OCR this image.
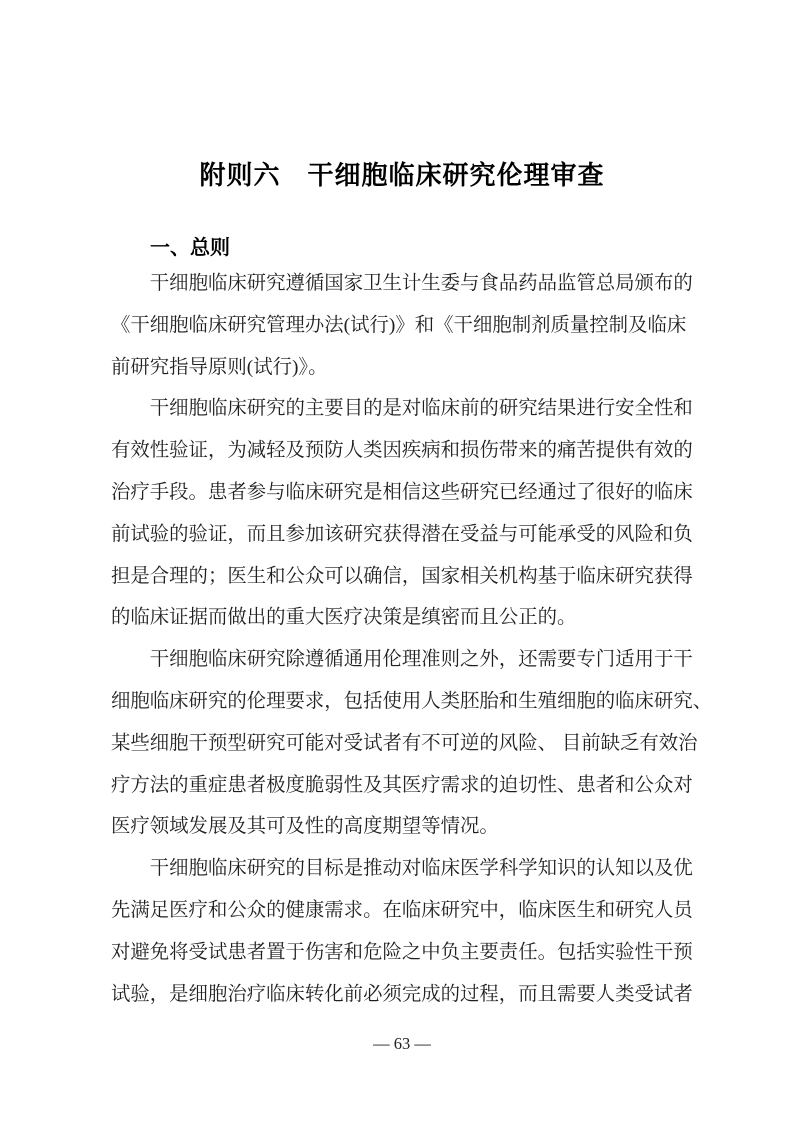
附则六　干细胞临床研究伦理审查
一、总则
干细胞临床研究遵循国家卫生计生委与食品药品监管总局颁布的
《干细胞临床研究管理办法(试行)》和《干细胞制剂质量控制及临床
前研究指导原则(试行)》。
干细胞临床研究的主要目的是对临床前的研究结果进行安全性和
有效性验证，为减轻及预防人类因疾病和损伤带来的痛苦提供有效的
治疗手段。患者参与临床研究是相信这些研究已经通过了很好的临床
前试验的验证，而且参加该研究获得潜在受益与可能承受的风险和负
担是合理的；医生和公众可以确信，国家相关机构基于临床研究获得
的临床证据而做出的重大医疗决策是缜密而且公正的。
干细胞临床研究除遵循通用伦理准则之外，还需要专门适用于干
细胞临床研究的伦理要求，包括使用人类胚胎和生殖细胞的临床研究、
某些细胞干预型研究可能对受试者有不可逆的风险、 目前缺乏有效治
疗方法的重症患者极度脆弱性及其医疗需求的迫切性、患者和公众对
医疗领域发展及其可及性的高度期望等情况。
干细胞临床研究的目标是推动对临床医学科学知识的认知以及优
先满足医疗和公众的健康需求。在临床研究中，临床医生和研究人员
对避免将受试患者置于伤害和危险之中负主要责任。包括实验性干预
试验，是细胞治疗临床转化前必须完成的过程，而且需要人类受试者
— 63 —
